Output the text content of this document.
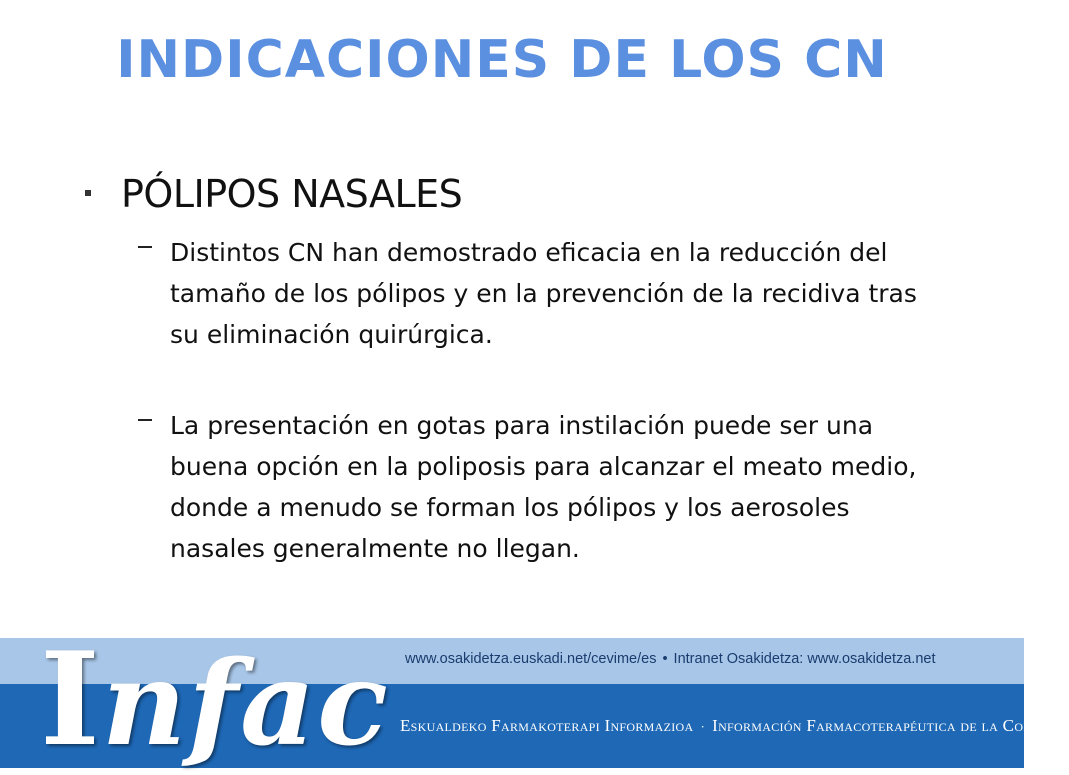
INDICACIONES DE LOS CN
PÓLIPOS NASALES
Distintos CN han demostrado eficacia en la reducción del tamaño de los pólipos y en la prevención de la recidiva tras su eliminación quirúrgica.
La presentación en gotas para instilación puede ser una buena opción en la poliposis para alcanzar el meato medio, donde a menudo se forman los pólipos y los aerosoles nasales generalmente no llegan.
Infac www.osakidetza.euskadi.net/cevime/es • Intranet Osakidetza: www.osakidetza.net
Eskualdeko Farmakoterapi Informazioa · Información Farmacoterapéutica de la Comarca
